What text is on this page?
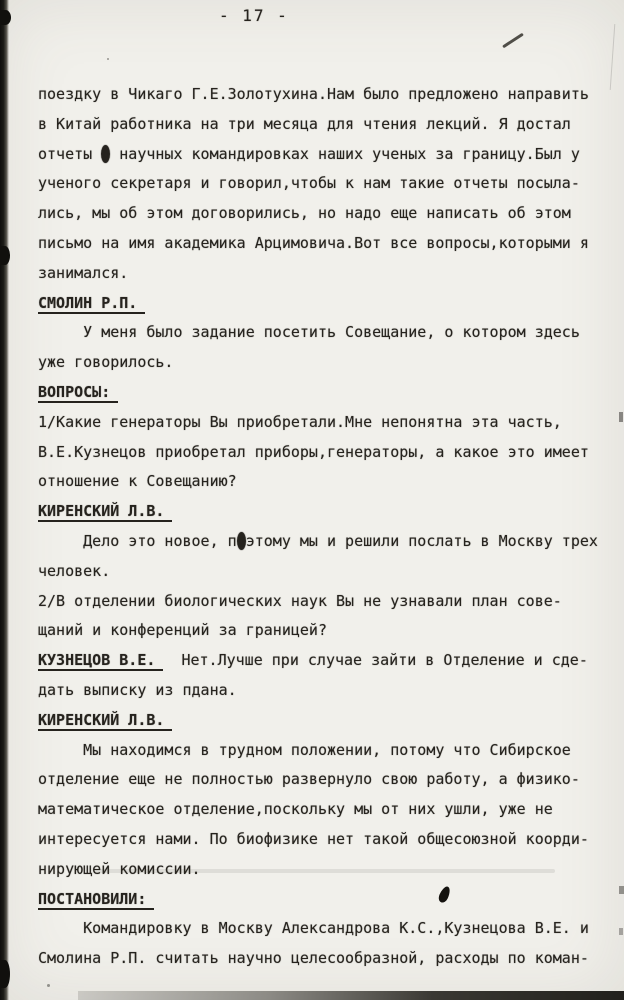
- 17 -
поездку в Чикаго Г.Е.Золотухина.Нам было предложено направить
в Китай работника на три месяца для чтения лекций. Я достал
отчеты о научных командировках наших ученых за границу.Был у
ученого секретаря и говорил,чтобы к нам такие отчеты посыла-
лись, мы об этом договорились, но надо еще написать об этом
письмо на имя академика Арцимовича.Вот все вопросы,которыми я
занимался.
СМОЛИН Р.П.
У меня было задание посетить Совещание, о котором здесь
уже говорилось.
ВОПРОСЫ:
1/Какие генераторы Вы приобретали.Мне непонятна эта часть,
В.Е.Кузнецов приобретал приборы,генераторы, а какое это имеет
отношение к Совещанию?
КИРЕНСКИЙ Л.В.
Дело это новое, поэтому мы и решили послать в Москву трех
человек.
2/В отделении биологических наук Вы не узнавали план сове-
щаний и конференций за границей?
КУЗНЕЦОВ В.Е.  Нет.Лучше при случае зайти в Отделение и сде-
дать выписку из пдана.
КИРЕНСКИЙ Л.В.
Мы находимся в трудном положении, потому что Сибирское
отделение еще не полностью развернуло свою работу, а физико-
математическое отделение,поскольку мы от них ушли, уже не
интересуется нами. По биофизике нет такой общесоюзной коорди-
нирующей комиссии.
ПОСТАНОВИЛИ:
Командировку в Москву Александрова К.С.,Кузнецова В.Е. и
Смолина Р.П. считать научно целесообразной, расходы по коман-
